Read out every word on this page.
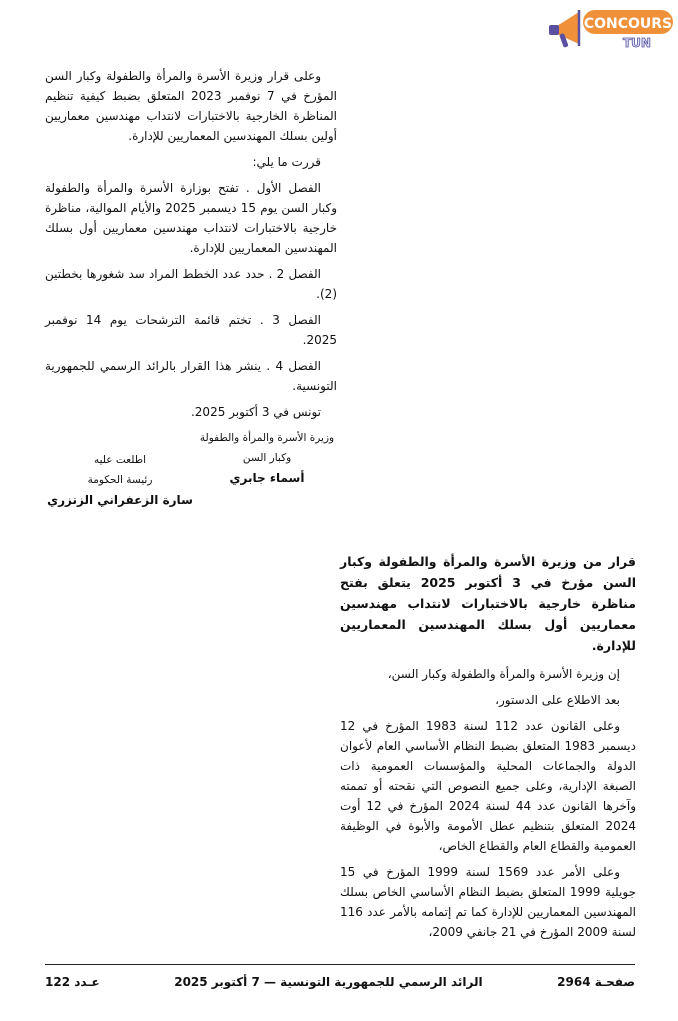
CONCOURS
TUN

وعلى قرار وزيرة الأسرة والمرأة والطفولة وكبار السن المؤرخ في 7 نوفمبر 2023 المتعلق بضبط كيفية تنظيم المناظرة الخارجية بالاختبارات لانتداب مهندسين معماريين أولين بسلك المهندسين المعماريين للإدارة.

قررت ما يلي:

الفصل الأول . تفتح بوزارة الأسرة والمرأة والطفولة وكبار السن يوم 15 ديسمبر 2025 والأيام الموالية، مناظرة خارجية بالاختبارات لانتداب مهندسين معماريين أول بسلك المهندسين المعماريين للإدارة.

الفصل 2 . حدد عدد الخطط المراد سد شغورها بخطتين (2).

الفصل 3 . تختم قائمة الترشحات يوم 14 نوفمبر 2025.

الفصل 4 . ينشر هذا القرار بالرائد الرسمي للجمهورية التونسية.

تونس في 3 أكتوبر 2025.

وزيرة الأسرة والمرأة والطفولة
وكبار السن
أسماء جابري
اطلعت عليه
رئيسة الحكومة
سارة الزعفراني الزنزري

قرار من وزيرة الأسرة والمرأة والطفولة وكبار السن مؤرخ في 3 أكتوبر 2025 يتعلق بفتح مناظرة خارجية بالاختبارات لانتداب مهندسين معماريين أول بسلك المهندسين المعماريين للإدارة.

إن وزيرة الأسرة والمرأة والطفولة وكبار السن،

بعد الاطلاع على الدستور،

وعلى القانون عدد 112 لسنة 1983 المؤرخ في 12 ديسمبر 1983 المتعلق بضبط النظام الأساسي العام لأعوان الدولة والجماعات المحلية والمؤسسات العمومية ذات الصبغة الإدارية، وعلى جميع النصوص التي نقحته أو تممته وآخرها القانون عدد 44 لسنة 2024 المؤرخ في 12 أوت 2024 المتعلق بتنظيم عطل الأمومة والأبوة في الوظيفة العمومية والقطاع العام والقطاع الخاص،

وعلى الأمر عدد 1569 لسنة 1999 المؤرخ في 15 جويلية 1999 المتعلق بضبط النظام الأساسي الخاص بسلك المهندسين المعماريين للإدارة كما تم إتمامه بالأمر عدد 116 لسنة 2009 المؤرخ في 21 جانفي 2009،

صفحـة 2964
الرائد الرسمي للجمهورية التونسية — 7 أكتوبر 2025
عـدد 122
